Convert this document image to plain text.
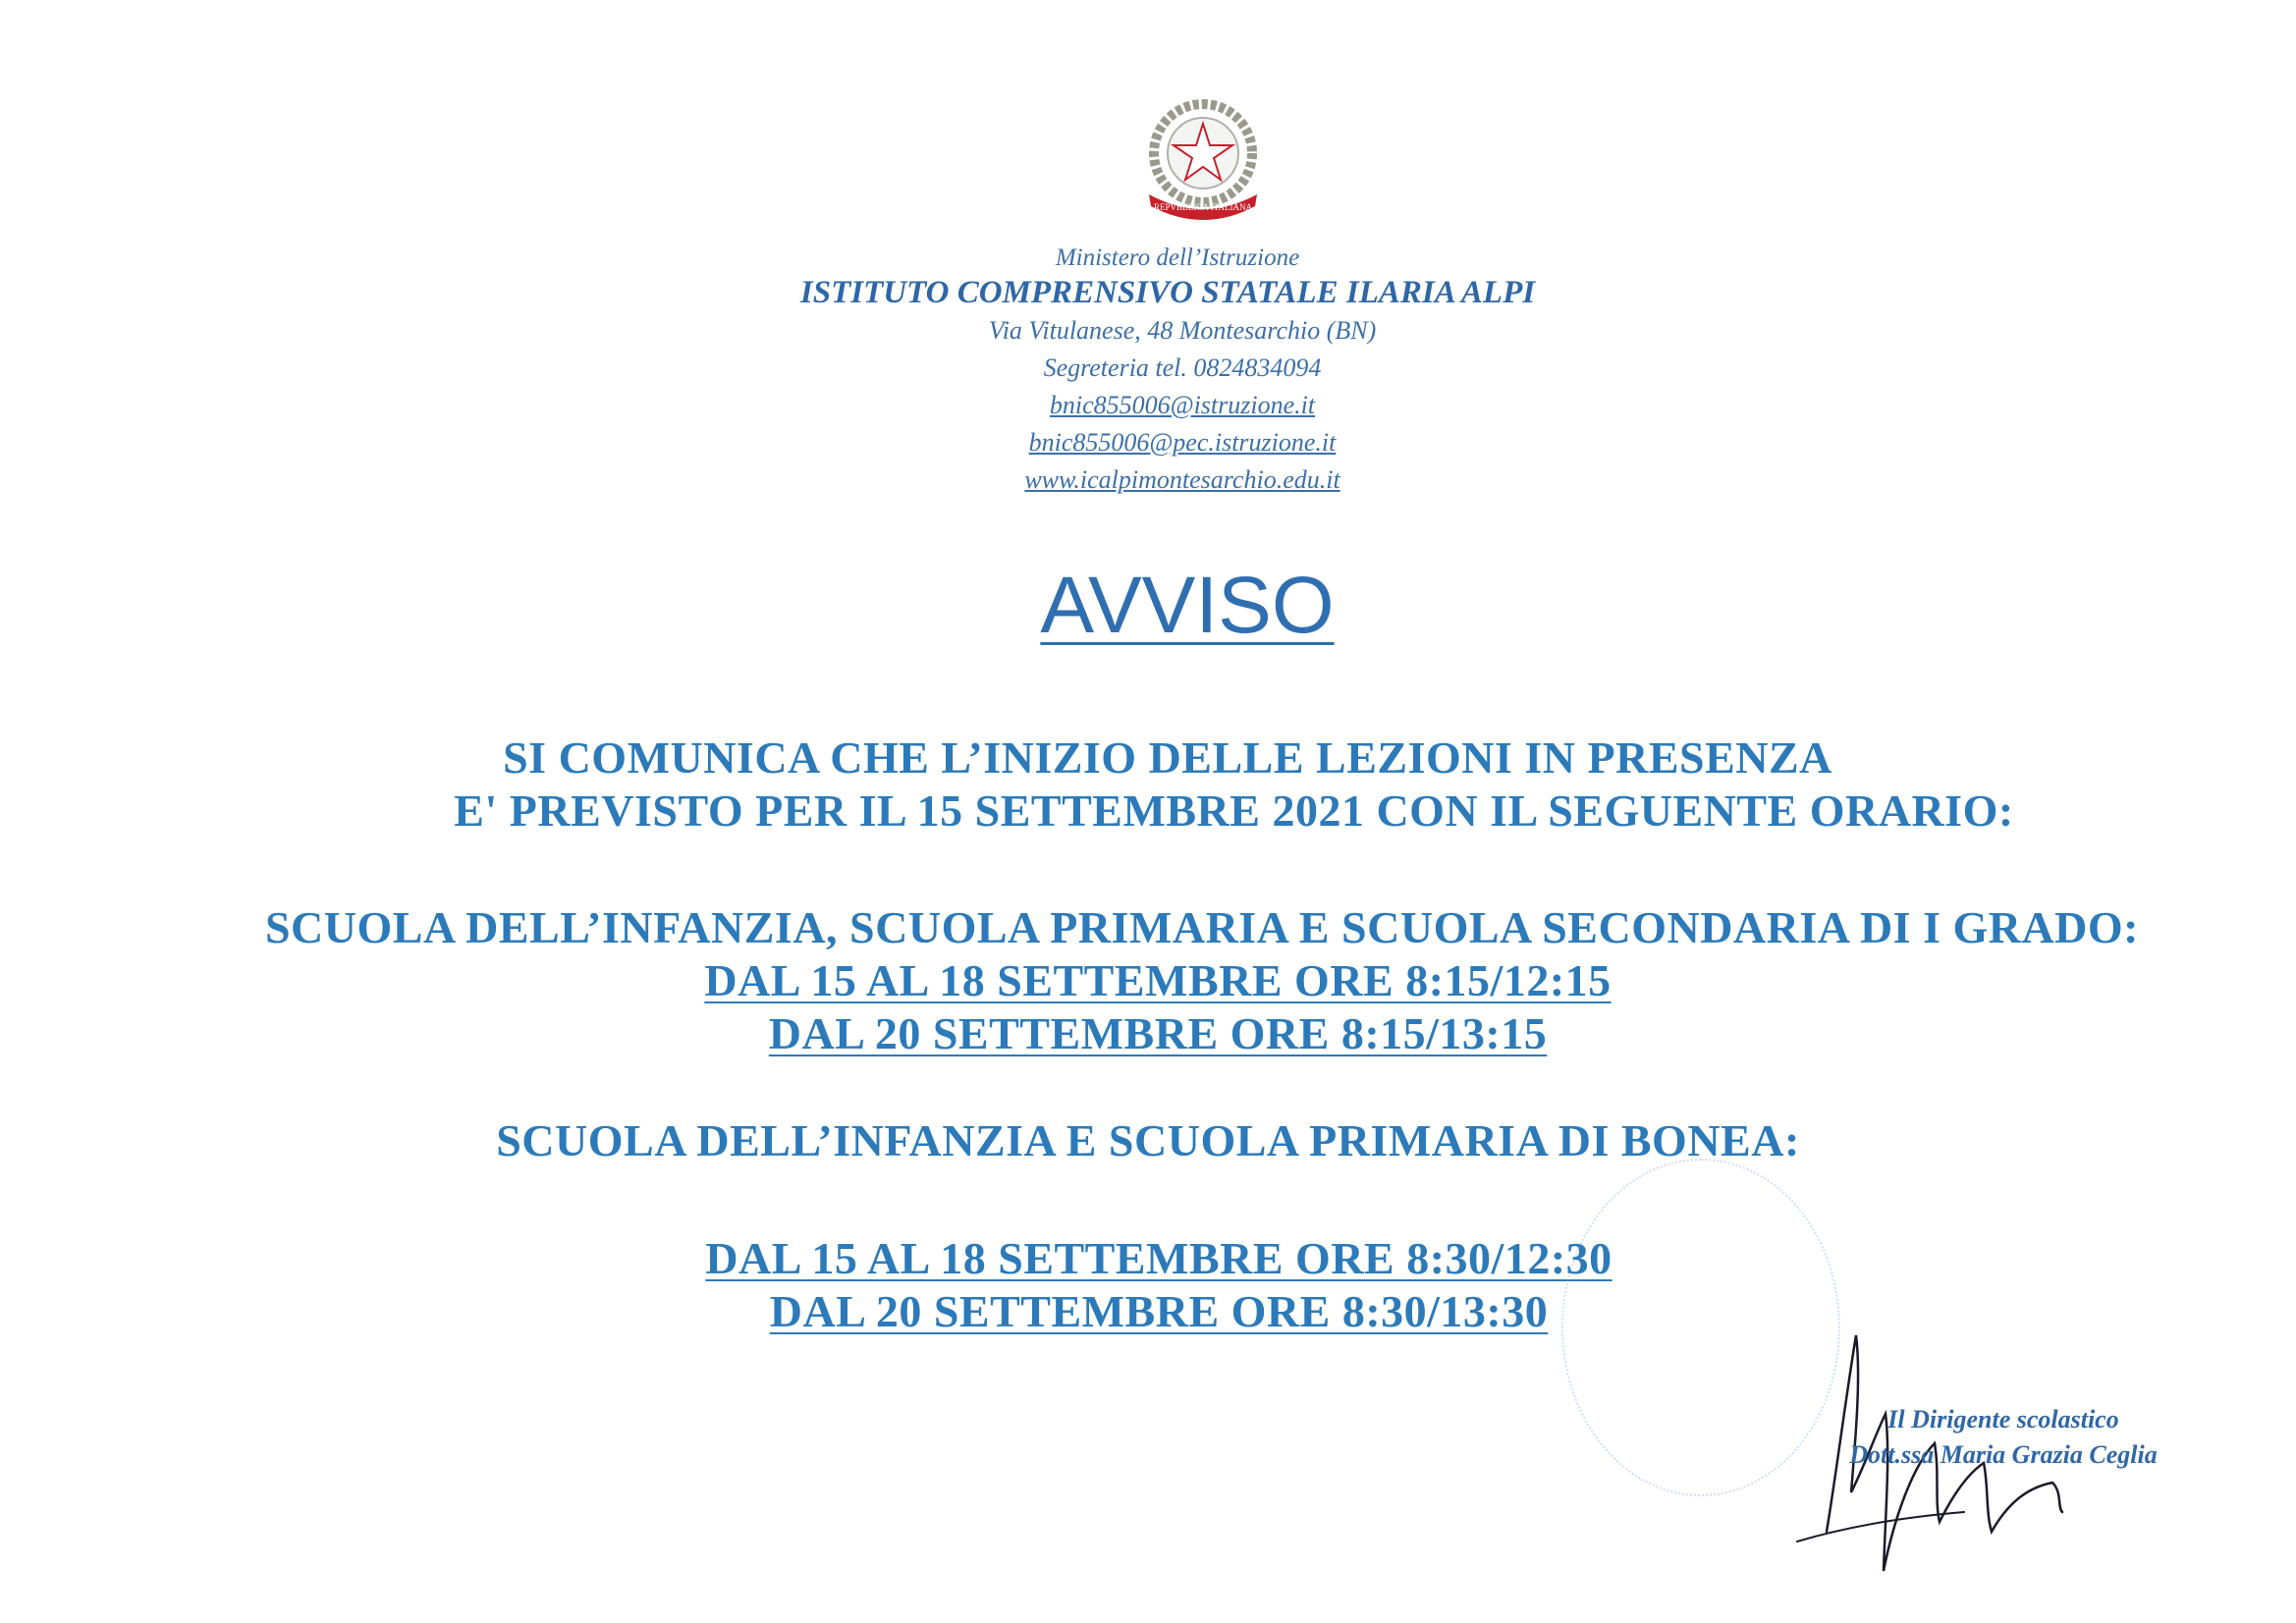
REPVBBLICA ITALIANA
Ministero dell’Istruzione
ISTITUTO COMPRENSIVO STATALE ILARIA ALPI
Via Vitulanese, 48 Montesarchio (BN)
Segreteria tel. 0824834094
bnic855006@istruzione.it
bnic855006@pec.istruzione.it
www.icalpimontesarchio.edu.it
AVVISO
SI COMUNICA CHE L’INIZIO DELLE LEZIONI IN PRESENZA
E' PREVISTO PER IL 15 SETTEMBRE 2021 CON IL SEGUENTE ORARIO:
SCUOLA DELL’INFANZIA, SCUOLA PRIMARIA E SCUOLA SECONDARIA DI I GRADO:
DAL 15 AL 18 SETTEMBRE ORE 8:15/12:15
DAL 20 SETTEMBRE ORE 8:15/13:15
SCUOLA DELL’INFANZIA E SCUOLA PRIMARIA DI BONEA:
DAL 15 AL 18 SETTEMBRE ORE 8:30/12:30
DAL 20 SETTEMBRE ORE 8:30/13:30
Il Dirigente scolastico
Dott.ssa Maria Grazia Ceglia
